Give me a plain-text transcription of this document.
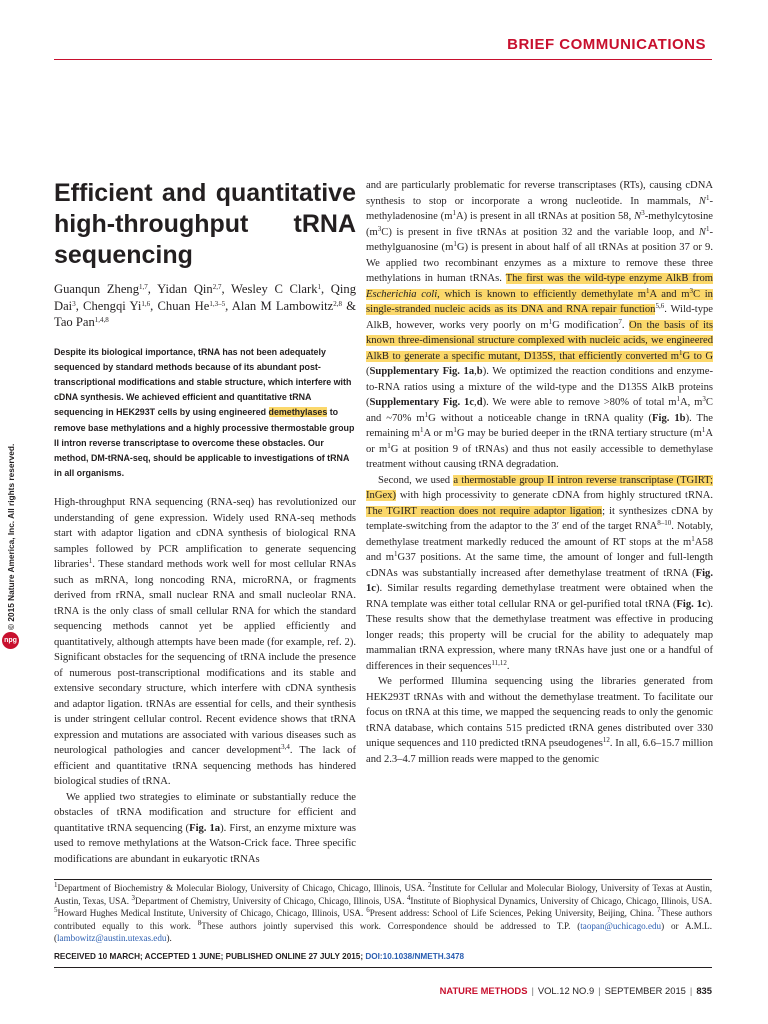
BRIEF COMMUNICATIONS
© 2015 Nature America, Inc. All rights reserved.
npg
Efficient and quantitative high-throughput tRNA sequencing
Guanqun Zheng$^{1,7}$, Yidan Qin$^{2,7}$, Wesley C Clark$^1$, Qing Dai$^3$, Chengqi Yi$^{1,6}$, Chuan He$^{1,3-5}$, Alan M Lambowitz$^{2,8}$ & Tao Pan$^{1,4,8}$
Despite its biological importance, tRNA has not been adequately sequenced by standard methods because of its abundant post-transcriptional modifications and stable structure, which interfere with cDNA synthesis. We achieved efficient and quantitative tRNA sequencing in HEK293T cells by using engineered demethylases to remove base methylations and a highly processive thermostable group II intron reverse transcriptase to overcome these obstacles. Our method, DM-tRNA-seq, should be applicable to investigations of tRNA in all organisms.

High-throughput RNA sequencing (RNA-seq) has revolutionized our understanding of gene expression. Widely used RNA-seq methods start with adaptor ligation and cDNA synthesis of biological RNA samples followed by PCR amplification to generate sequencing libraries$^1$. These standard methods work well for most cellular RNAs such as mRNA, long noncoding RNA, microRNA, or fragments derived from rRNA, small nuclear RNA and small nucleolar RNA. tRNA is the only class of small cellular RNA for which the standard sequencing methods cannot yet be applied efficiently and quantitatively, although attempts have been made (for example, ref. 2). Significant obstacles for the sequencing of tRNA include the presence of numerous post-transcriptional modifications and its stable and extensive secondary structure, which interfere with cDNA synthesis and adaptor ligation. tRNAs are essential for cells, and their synthesis is under stringent cellular control. Recent evidence shows that tRNA expression and mutations are associated with various diseases such as neurological pathologies and cancer development$^{3,4}$. The lack of efficient and quantitative tRNA sequencing methods has hindered biological studies of tRNA.

We applied two strategies to eliminate or substantially reduce the obstacles of tRNA modification and structure for efficient and quantitative tRNA sequencing (Fig. 1a). First, an enzyme mixture was used to remove methylations at the Watson-Crick face. Three specific modifications are abundant in eukaryotic tRNAs

and are particularly problematic for reverse transcriptases (RTs), causing cDNA synthesis to stop or incorporate a wrong nucleotide. In mammals, $N^1$-methyladenosine $(m^1A)$ is present in all tRNAs at position 58, $N^3$-methylcytosine $(m^3C)$ is present in five tRNAs at position 32 and the variable loop, and $N^1$-methylguanosine $(m^1G)$ is present in about half of all tRNAs at position 37 or 9. We applied two recombinant enzymes as a mixture to remove these three methylations in human tRNAs. The first was the wild-type enzyme AlkB from Escherichia coli, which is known to efficiently demethylate $m^1A$ and $m^3C$ in single-stranded nucleic acids as its DNA and RNA repair function$^{5,6}$. Wild-type AlkB, however, works very poorly on $m^1G$ modification$^7$. On the basis of its known three-dimensional structure complexed with nucleic acids, we engineered AlkB to generate a specific mutant, D135S, that efficiently converted $m^1G$ to G (Supplementary Fig. 1a,b). We optimized the reaction conditions and enzyme-to-RNA ratios using a mixture of the wild-type and the D135S AlkB proteins (Supplementary Fig. 1c,d). We were able to remove >80% of total $m^1A$, $m^3C$ and ~70% $m^1G$ without a noticeable change in tRNA quality (Fig. 1b). The remaining $m^1A$ or $m^1G$ may be buried deeper in the tRNA tertiary structure ($m^1A$ or $m^1G$ at position 9 of tRNAs) and thus not easily accessible to demethylase treatment without causing tRNA degradation.

Second, we used a thermostable group II intron reverse transcriptase (TGIRT; InGex) with high processivity to generate cDNA from highly structured tRNA. The TGIRT reaction does not require adaptor ligation; it synthesizes cDNA by template-switching from the adaptor to the 3′ end of the target RNA$^{8-10}$. Notably, demethylase treatment markedly reduced the amount of RT stops at the $m^1A58$ and $m^1G37$ positions. At the same time, the amount of longer and full-length cDNAs was substantially increased after demethylase treatment of tRNA (Fig. 1c). Similar results regarding demethylase treatment were obtained when the RNA template was either total cellular RNA or gel-purified total tRNA (Fig. 1c). These results show that the demethylase treatment was effective in producing longer reads; this property will be crucial for the ability to adequately map mammalian tRNA expression, where many tRNAs have just one or a handful of differences in their sequences$^{11,12}$.

We performed Illumina sequencing using the libraries generated from HEK293T tRNAs with and without the demethylase treatment. To facilitate our focus on tRNA at this time, we mapped the sequencing reads to only the genomic tRNA database, which contains 515 predicted tRNA genes distributed over 330 unique sequences and 110 predicted tRNA pseudogenes$^{12}$. In all, 6.6–15.7 million and 2.3–4.7 million reads were mapped to the genomic

$^1$Department of Biochemistry & Molecular Biology, University of Chicago, Chicago, Illinois, USA. $^2$Institute for Cellular and Molecular Biology, University of Texas at Austin, Austin, Texas, USA. $^3$Department of Chemistry, University of Chicago, Chicago, Illinois, USA. $^4$Institute of Biophysical Dynamics, University of Chicago, Chicago, Illinois, USA. $^5$Howard Hughes Medical Institute, University of Chicago, Chicago, Illinois, USA. $^6$Present address: School of Life Sciences, Peking University, Beijing, China. $^7$These authors contributed equally to this work. $^8$These authors jointly supervised this work. Correspondence should be addressed to T.P. (taopan@uchicago.edu) or A.M.L. (lambowitz@austin.utexas.edu).
RECEIVED 10 MARCH; ACCEPTED 1 JUNE; PUBLISHED ONLINE 27 JULY 2015; DOI:10.1038/NMETH.3478
NATURE METHODS | VOL.12 NO.9 | SEPTEMBER 2015 | 835
